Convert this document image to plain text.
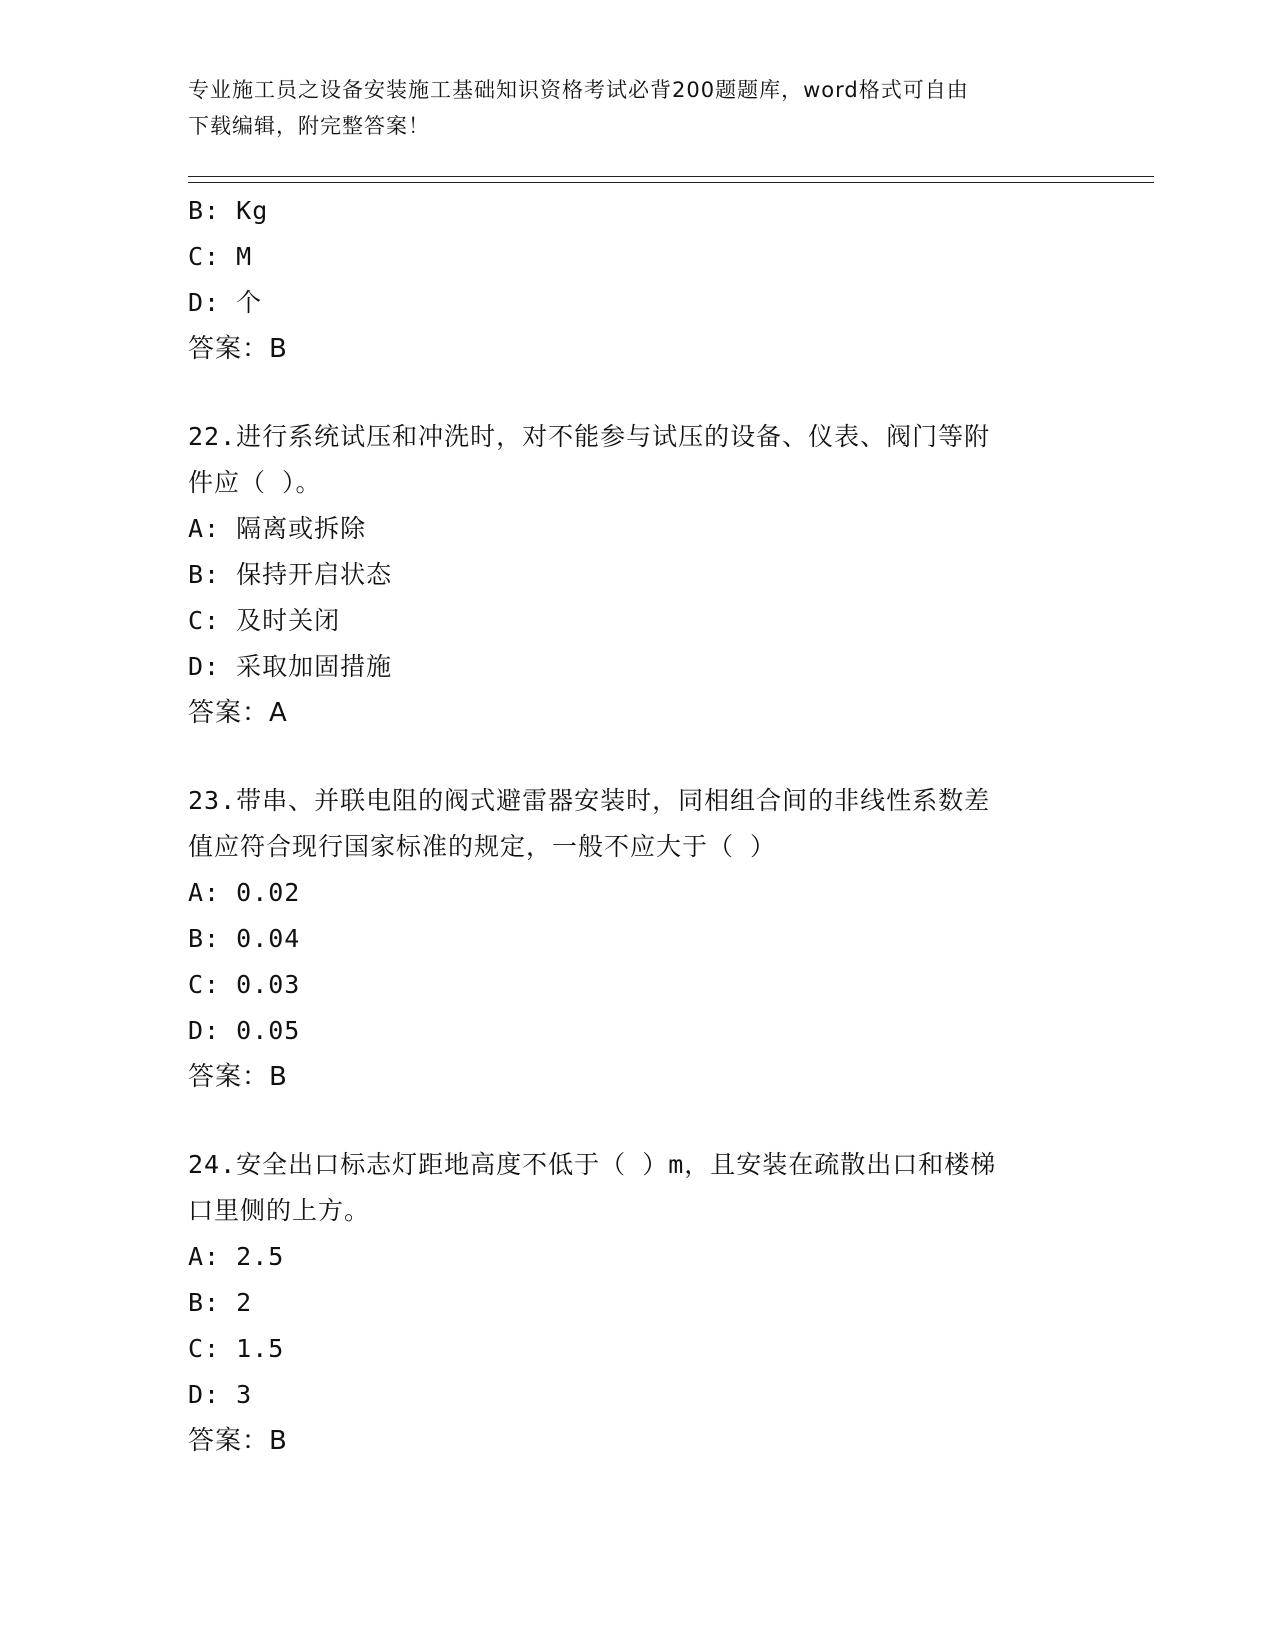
专业施工员之设备安装施工基础知识资格考试必背200题题库，word格式可自由
下载编辑，附完整答案！
B: Kg
C: M
D: 个
答案：B
22.进行系统试压和冲洗时，对不能参与试压的设备、仪表、阀门等附
件应（ ）。
A: 隔离或拆除
B: 保持开启状态
C: 及时关闭
D: 采取加固措施
答案：A
23.带串、并联电阻的阀式避雷器安装时，同相组合间的非线性系数差
值应符合现行国家标准的规定，一般不应大于（ ）
A: 0.02
B: 0.04
C: 0.03
D: 0.05
答案：B
24.安全出口标志灯距地高度不低于（ ）m，且安装在疏散出口和楼梯
口里侧的上方。
A: 2.5
B: 2
C: 1.5
D: 3
答案：B
